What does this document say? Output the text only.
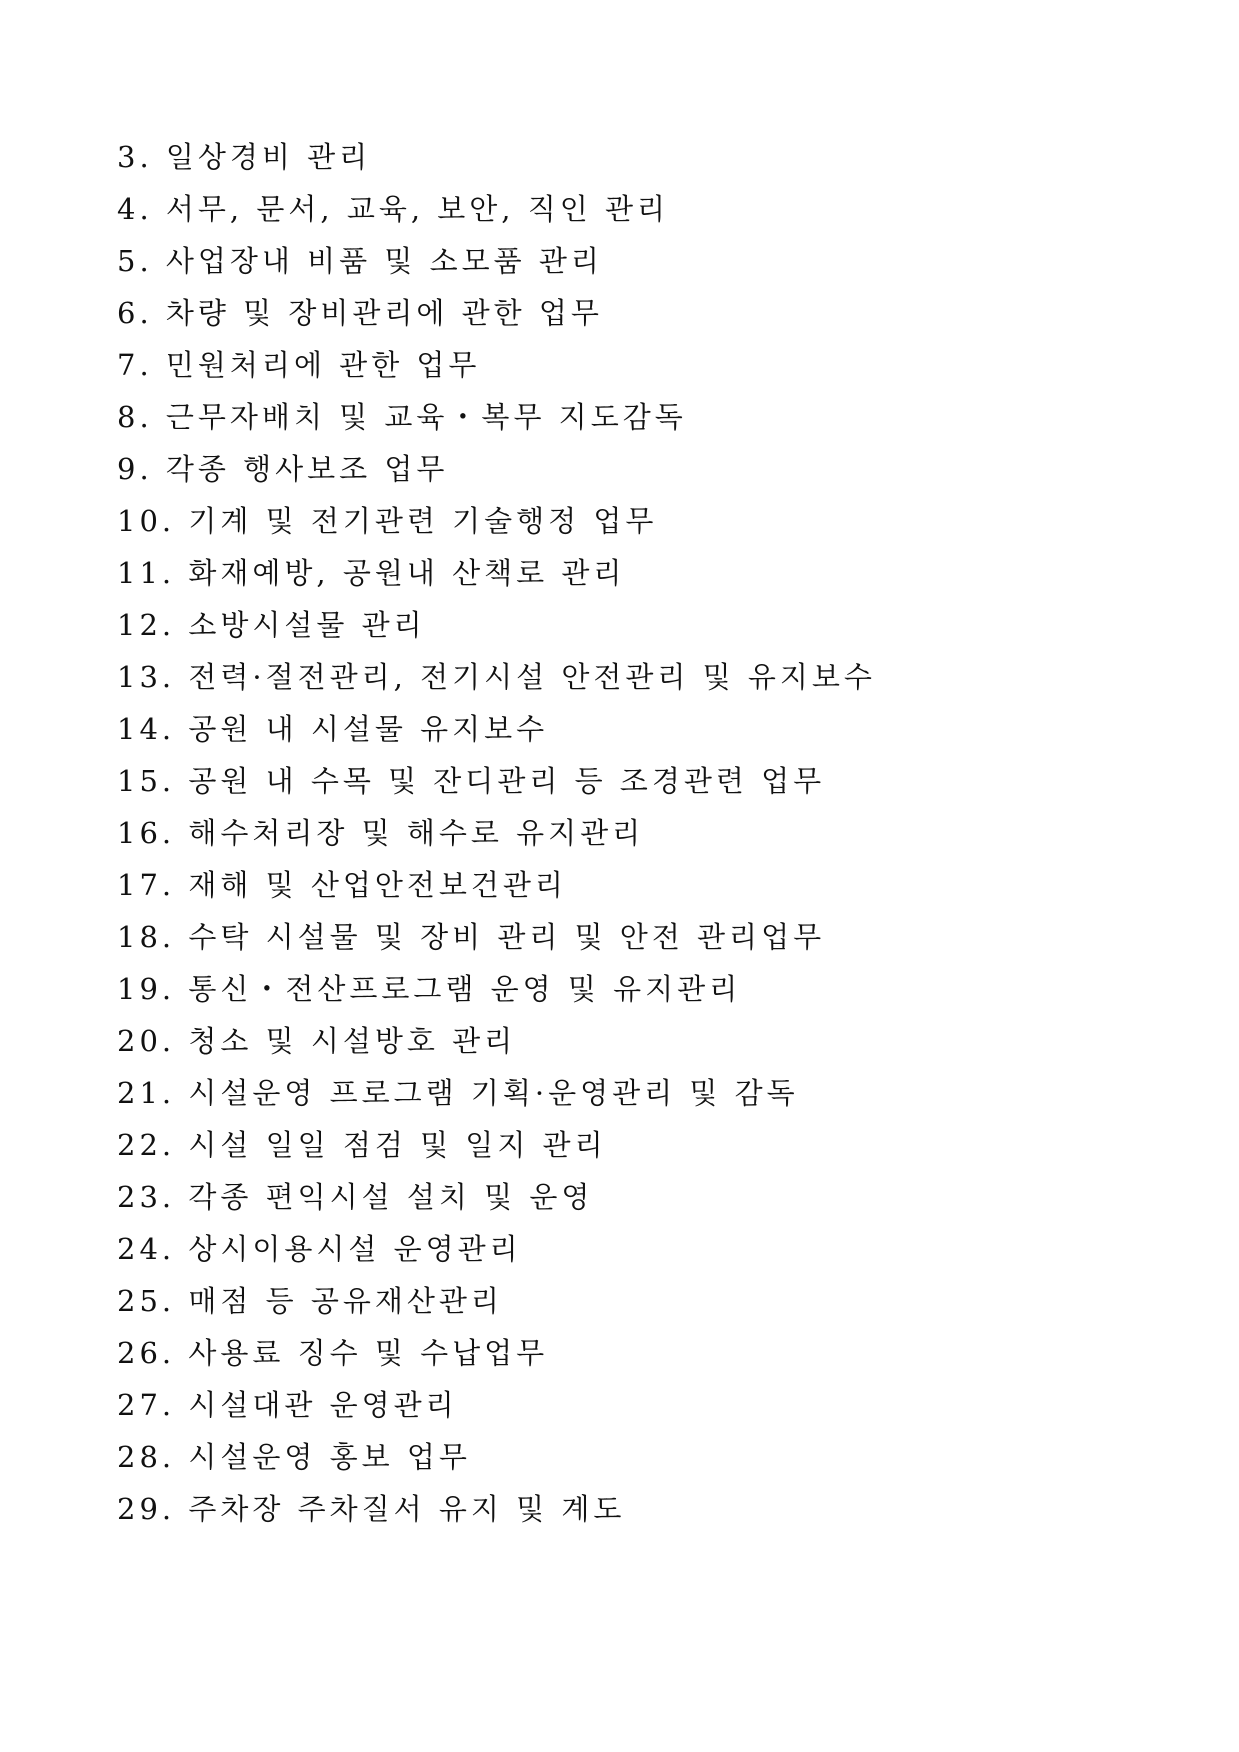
3. 일상경비 관리
4. 서무, 문서, 교육, 보안, 직인 관리
5. 사업장내 비품 및 소모품 관리
6. 차량 및 장비관리에 관한 업무
7. 민원처리에 관한 업무
8. 근무자배치 및 교육・복무 지도감독
9. 각종 행사보조 업무
10. 기계 및 전기관련 기술행정 업무
11. 화재예방, 공원내 산책로 관리
12. 소방시설물 관리
13. 전력·절전관리, 전기시설 안전관리 및 유지보수
14. 공원 내 시설물 유지보수
15. 공원 내 수목 및 잔디관리 등 조경관련 업무
16. 해수처리장 및 해수로 유지관리
17. 재해 및 산업안전보건관리
18. 수탁 시설물 및 장비 관리 및 안전 관리업무
19. 통신・전산프로그램 운영 및 유지관리
20. 청소 및 시설방호 관리
21. 시설운영 프로그램 기획·운영관리 및 감독
22. 시설 일일 점검 및 일지 관리
23. 각종 편익시설 설치 및 운영
24. 상시이용시설 운영관리
25. 매점 등 공유재산관리
26. 사용료 징수 및 수납업무
27. 시설대관 운영관리
28. 시설운영 홍보 업무
29. 주차장 주차질서 유지 및 계도
